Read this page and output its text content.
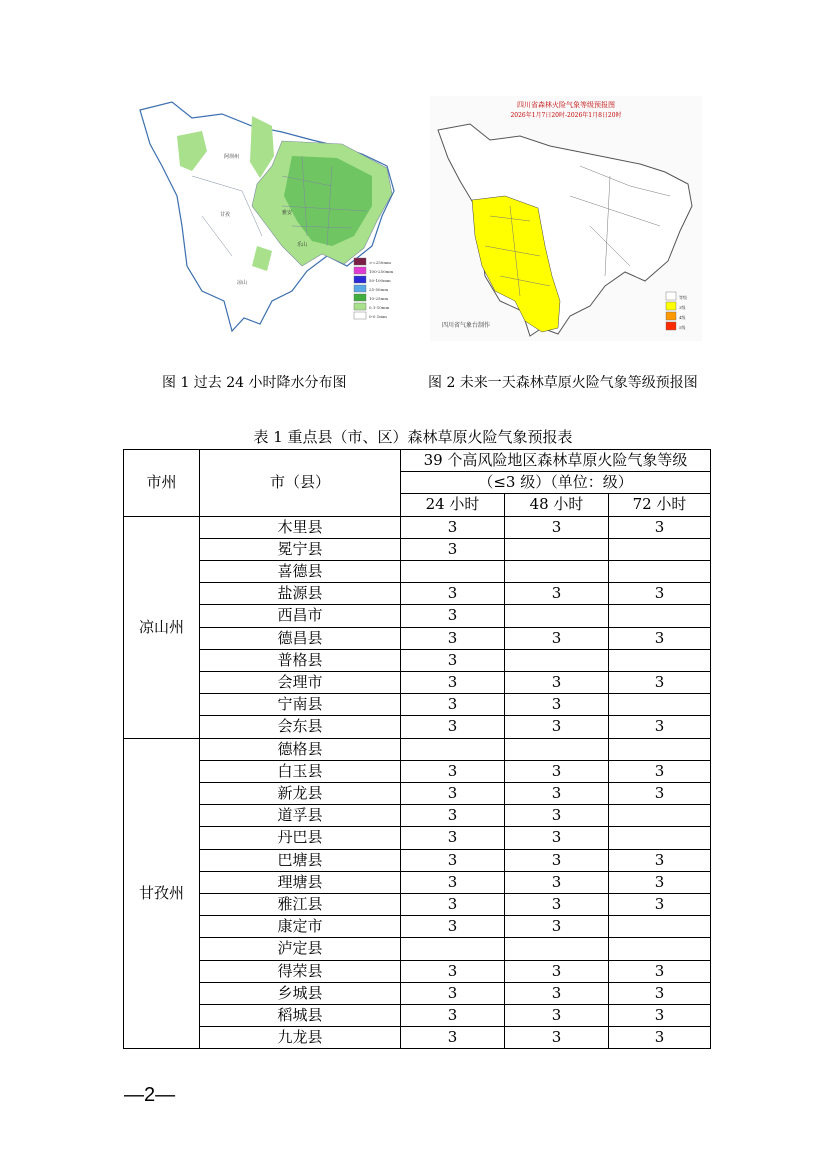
阿坝州
甘孜
凉山
雅安
乐山
>=250mm
100-250mm
50-100mm
25-50mm
10-25mm
0.1-10mm
0-0.1mm
四川省森林火险气象等级预报图
2026年1月7日20时-2026年1月8日20时
四川省气象台制作
等级
3级
4级
5级
图 1 过去 24 小时降水分布图	图 2 未来一天森林草原火险气象等级预报图
表 1 重点县（市、区）森林草原火险气象预报表
市州	市（县）	39 个高风险地区森林草原火险气象等级		
		（≤3 级）（单位：级）		
		24 小时	48 小时	72 小时
凉山州	木里县	3	3	3
	冕宁县	3		
	喜德县			
	盐源县	3	3	3
	西昌市	3		
	德昌县	3	3	3
	普格县	3		
	会理市	3	3	3
	宁南县	3	3	
	会东县	3	3	3
甘孜州	德格县			
	白玉县	3	3	3
	新龙县	3	3	3
	道孚县	3	3	
	丹巴县	3	3	
	巴塘县	3	3	3
	理塘县	3	3	3
	雅江县	3	3	3
	康定市	3	3	
	泸定县			
	得荣县	3	3	3
	乡城县	3	3	3
	稻城县	3	3	3
	九龙县	3	3	3
—2—
